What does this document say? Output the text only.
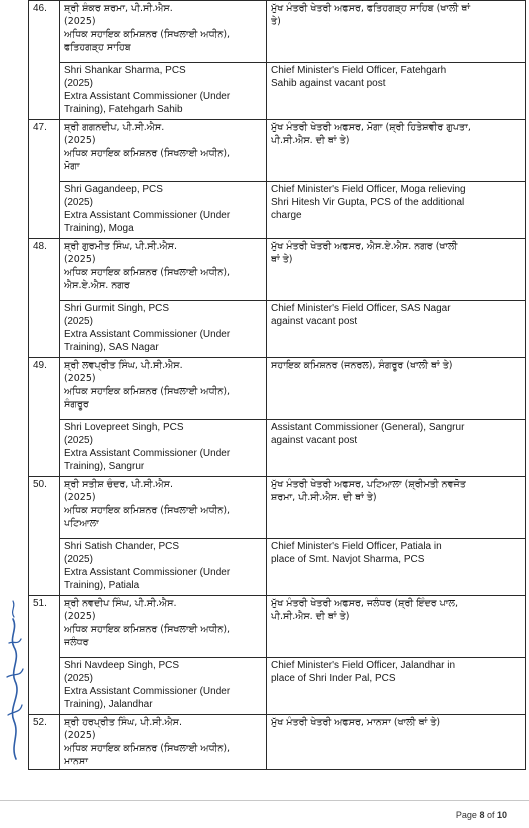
46.	ਸ਼੍ਰੀ ਸ਼ੰਕਰ ਸ਼ਰਮਾ, ਪੀ.ਸੀ.ਐਸ.
(2025)
ਅਧਿਕ ਸਹਾਇਕ ਕਮਿਸ਼ਨਰ (ਸਿਖਲਾਈ ਅਧੀਨ),
ਫਤਿਹਗੜ੍ਹ ਸਾਹਿਬ	ਮੁੱਖ ਮੰਤਰੀ ਖੇਤਰੀ ਅਫਸਰ, ਫਤਿਹਗੜ੍ਹ ਸਾਹਿਬ (ਖਾਲੀ ਥਾਂ
ਤੇ)

	Shri Shankar Sharma, PCS
(2025)
Extra Assistant Commissioner (Under
Training), Fatehgarh Sahib	Chief Minister's Field Officer, Fatehgarh
Sahib against vacant post

47.	ਸ਼੍ਰੀ ਗਗਨਦੀਪ, ਪੀ.ਸੀ.ਐਸ.
(2025)
ਅਧਿਕ ਸਹਾਇਕ ਕਮਿਸ਼ਨਰ (ਸਿਖਲਾਈ ਅਧੀਨ),
ਮੋਗਾ	ਮੁੱਖ ਮੰਤਰੀ ਖੇਤਰੀ ਅਫਸਰ, ਮੋਗਾ (ਸ਼੍ਰੀ ਹਿਤੇਸ਼ਵੀਰ ਗੁਪਤਾ,
ਪੀ.ਸੀ.ਐਸ. ਦੀ ਥਾਂ ਤੇ)

	Shri Gagandeep, PCS
(2025)
Extra Assistant Commissioner (Under
Training), Moga	Chief Minister's Field Officer, Moga relieving
Shri Hitesh Vir Gupta, PCS of the additional
charge

48.	ਸ਼੍ਰੀ ਗੁਰਮੀਤ ਸਿੰਘ, ਪੀ.ਸੀ.ਐਸ.
(2025)
ਅਧਿਕ ਸਹਾਇਕ ਕਮਿਸ਼ਨਰ (ਸਿਖਲਾਈ ਅਧੀਨ),
ਐਸ.ਏ.ਐਸ. ਨਗਰ	ਮੁੱਖ ਮੰਤਰੀ ਖੇਤਰੀ ਅਫਸਰ, ਐਸ.ਏ.ਐਸ. ਨਗਰ (ਖਾਲੀ
ਥਾਂ ਤੇ)

	Shri Gurmit Singh, PCS
(2025)
Extra Assistant Commissioner (Under
Training), SAS Nagar	Chief Minister's Field Officer, SAS Nagar
against vacant post

49.	ਸ਼੍ਰੀ ਲਵਪ੍ਰੀਤ ਸਿੰਘ, ਪੀ.ਸੀ.ਐਸ.
(2025)
ਅਧਿਕ ਸਹਾਇਕ ਕਮਿਸ਼ਨਰ (ਸਿਖਲਾਈ ਅਧੀਨ),
ਸੰਗਰੂਰ	ਸਹਾਇਕ ਕਮਿਸ਼ਨਰ (ਜਨਰਲ), ਸੰਗਰੂਰ (ਖਾਲੀ ਥਾਂ ਤੇ)

	Shri Lovepreet Singh, PCS
(2025)
Extra Assistant Commissioner (Under
Training), Sangrur	Assistant Commissioner (General), Sangrur
against vacant post

50.	ਸ਼੍ਰੀ ਸਤੀਸ਼ ਚੰਦਰ, ਪੀ.ਸੀ.ਐਸ.
(2025)
ਅਧਿਕ ਸਹਾਇਕ ਕਮਿਸ਼ਨਰ (ਸਿਖਲਾਈ ਅਧੀਨ),
ਪਟਿਆਲਾ	ਮੁੱਖ ਮੰਤਰੀ ਖੇਤਰੀ ਅਫਸਰ, ਪਟਿਆਲਾ (ਸ਼੍ਰੀਮਤੀ ਨਵਜੋਤ
ਸ਼ਰਮਾ, ਪੀ.ਸੀ.ਐਸ. ਦੀ ਥਾਂ ਤੇ)

	Shri Satish Chander, PCS
(2025)
Extra Assistant Commissioner (Under
Training), Patiala	Chief Minister's Field Officer, Patiala in
place of Smt. Navjot Sharma, PCS

51.	ਸ਼੍ਰੀ ਨਵਦੀਪ ਸਿੰਘ, ਪੀ.ਸੀ.ਐਸ.
(2025)
ਅਧਿਕ ਸਹਾਇਕ ਕਮਿਸ਼ਨਰ (ਸਿਖਲਾਈ ਅਧੀਨ),
ਜਲੰਧਰ	ਮੁੱਖ ਮੰਤਰੀ ਖੇਤਰੀ ਅਫਸਰ, ਜਲੰਧਰ (ਸ਼੍ਰੀ ਇੰਦਰ ਪਾਲ,
ਪੀ.ਸੀ.ਐਸ. ਦੀ ਥਾਂ ਤੇ)

	Shri Navdeep Singh, PCS
(2025)
Extra Assistant Commissioner (Under
Training), Jalandhar	Chief Minister's Field Officer, Jalandhar in
place of Shri Inder Pal, PCS

52.	ਸ਼੍ਰੀ ਹਰਪ੍ਰੀਤ ਸਿੰਘ, ਪੀ.ਸੀ.ਐਸ.
(2025)
ਅਧਿਕ ਸਹਾਇਕ ਕਮਿਸ਼ਨਰ (ਸਿਖਲਾਈ ਅਧੀਨ),
ਮਾਨਸਾ	ਮੁੱਖ ਮੰਤਰੀ ਖੇਤਰੀ ਅਫਸਰ, ਮਾਨਸਾ (ਖਾਲੀ ਥਾਂ ਤੇ)
Page 8 of 10
